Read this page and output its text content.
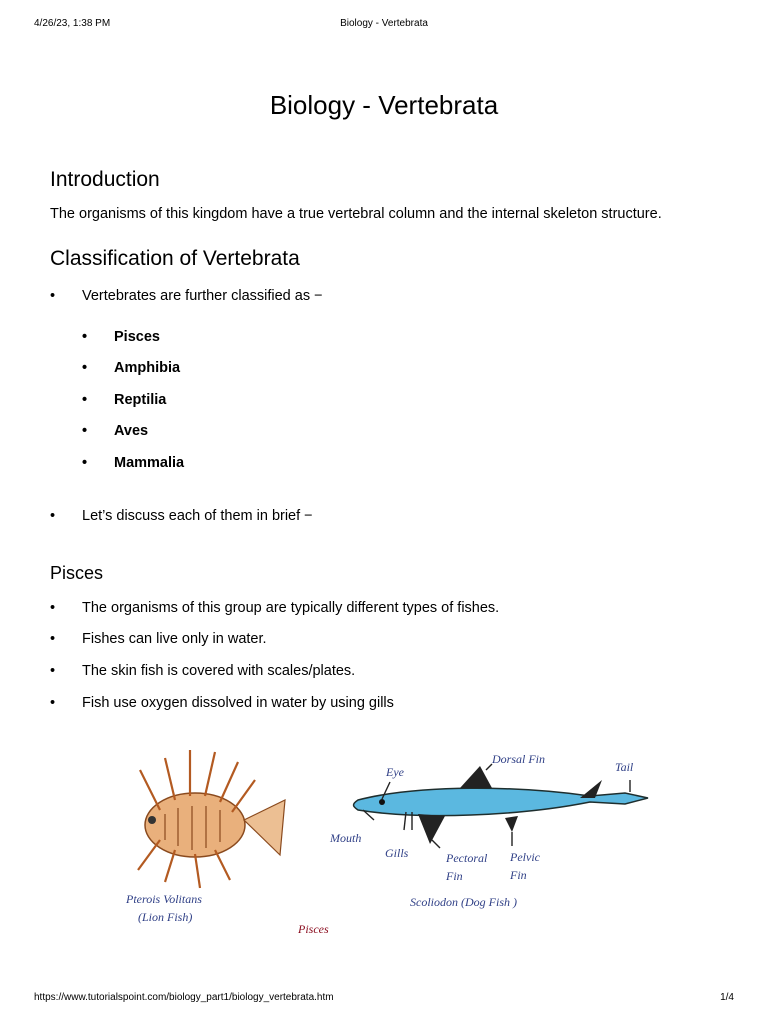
4/26/23, 1:38 PM	Biology - Vertebrata
Biology - Vertebrata
Introduction

The organisms of this kingdom have a true vertebral column and the internal skeleton structure.

Classification of Vertebrata
• Vertebrates are further classified as −
• Pisces
• Amphibia
• Reptilia
• Aves
• Mammalia
• Let’s discuss each of them in brief −
Pisces
• The organisms of this group are typically different types of fishes.
• Fishes can live only in water.
• The skin fish is covered with scales/plates.
• Fish use oxygen dissolved in water by using gills
Eye
Dorsal Fin
Tail
Mouth
Gills	Pectoral
Fin
Pelvic
Fin
Pterois Volitans
(Lion Fish)
Scoliodon (Dog Fish )
Pisces
https://www.tutorialspoint.com/biology_part1/biology_vertebrata.htm	1/4
